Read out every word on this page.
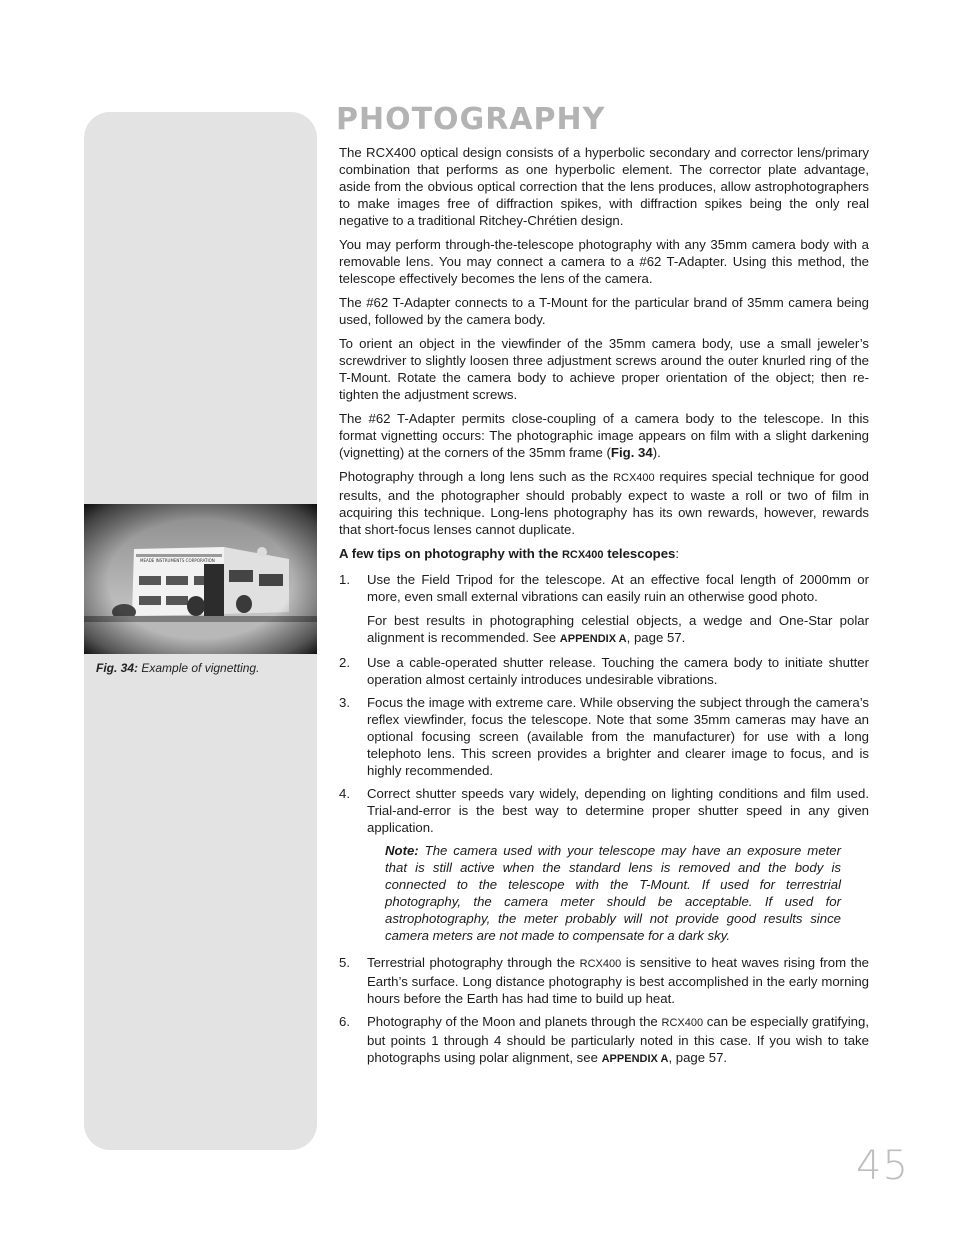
Fig. 34: Example of vignetting.
PHOTOGRAPHY

The RCX400 optical design consists of a hyperbolic secondary and corrector lens/primary combination that performs as one hyperbolic element. The corrector plate advantage, aside from the obvious optical correction that the lens produces, allow astrophotographers to make images free of diffraction spikes, with diffraction spikes being the only real negative to a traditional Ritchey-Chrétien design.

You may perform through-the-telescope photography with any 35mm camera body with a removable lens. You may connect a camera to a #62 T-Adapter. Using this method, the telescope effectively becomes the lens of the camera.

The #62 T-Adapter connects to a T-Mount for the particular brand of 35mm camera being used, followed by the camera body.

To orient an object in the viewfinder of the 35mm camera body, use a small jeweler’s screwdriver to slightly loosen three adjustment screws around the outer knurled ring of the T-Mount. Rotate the camera body to achieve proper orientation of the object; then re-tighten the adjustment screws.

The #62 T-Adapter permits close-coupling of a camera body to the telescope. In this format vignetting occurs: The photographic image appears on film with a slight darkening (vignetting) at the corners of the 35mm frame (Fig. 34).

Photography through a long lens such as the RCX400 requires special technique for good results, and the photographer should probably expect to waste a roll or two of film in acquiring this technique. Long-lens photography has its own rewards, however, rewards that short-focus lenses cannot duplicate.

A few tips on photography with the RCX400 telescopes:
1. Use the Field Tripod for the telescope. At an effective focal length of 2000mm or more, even small external vibrations can easily ruin an otherwise good photo.
For best results in photographing celestial objects, a wedge and One-Star polar alignment is recommended. See APPENDIX A, page 57.
2. Use a cable-operated shutter release. Touching the camera body to initiate shutter operation almost certainly introduces undesirable vibrations.
3. Focus the image with extreme care. While observing the subject through the camera’s reflex viewfinder, focus the telescope. Note that some 35mm cameras may have an optional focusing screen (available from the manufacturer) for use with a long telephoto lens. This screen provides a brighter and clearer image to focus, and is highly recommended.
4. Correct shutter speeds vary widely, depending on lighting conditions and film used. Trial-and-error is the best way to determine proper shutter speed in any given application.
Note: The camera used with your telescope may have an exposure meter that is still active when the standard lens is removed and the body is connected to the telescope with the T-Mount. If used for terrestrial photography, the camera meter should be acceptable. If used for astrophotography, the meter probably will not provide good results since camera meters are not made to compensate for a dark sky.
5. Terrestrial photography through the RCX400 is sensitive to heat waves rising from the Earth’s surface. Long distance photography is best accomplished in the early morning hours before the Earth has had time to build up heat.
6. Photography of the Moon and planets through the RCX400 can be especially gratifying, but points 1 through 4 should be particularly noted in this case. If you wish to take photographs using polar alignment, see APPENDIX A, page 57.
45
